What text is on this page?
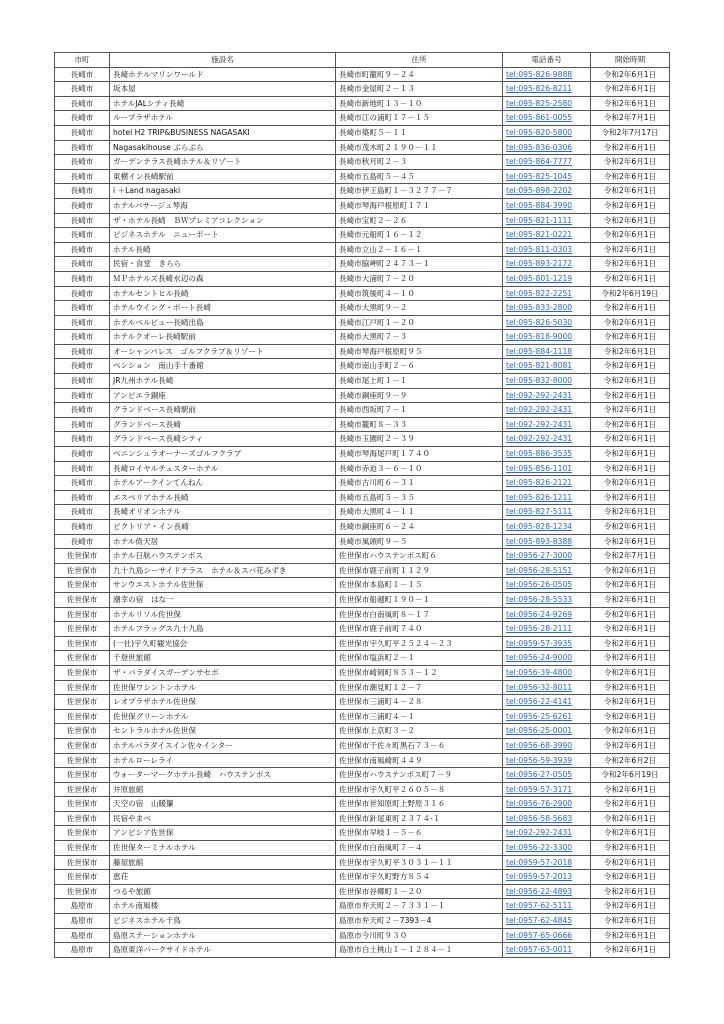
市町	施設名	住所	電話番号	開始時期
長崎市	長崎ホテルマリンワールド	長崎市町籠町９－２４	tel:095-826-9888	令和2年6月1日
長崎市	坂本屋	長崎市金屋町２－１３	tel:095-826-8211	令和2年6月1日
長崎市	ホテルJALシティ長崎	長崎市新地町１３－１０	tel:095-825-2580	令和2年6月1日
長崎市	ループラザホテル	長崎市江の浦町１７－１５	tel:095-861-0055	令和2年7月1日
長崎市	hotel H2 TRIP&BUSINESS NAGASAKI	長崎市築町５－１１	tel:095-820-5800	令和2年7月17日
長崎市	Nagasakihouse ぶらぶら	長崎市茂木町２１９０－１１	tel:095-836-0306	令和2年6月1日
長崎市	ガーデンテラス長崎ホテル＆リゾート	長崎市秋月町２－３	tel:095-864-7777	令和2年6月1日
長崎市	東横イン長崎駅前	長崎市五島町５－４５	tel:095-825-1045	令和2年6月1日
長崎市	i ＋Land nagasaki	長崎市伊王島町１－３２７７－７	tel:095-898-2202	令和2年6月1日
長崎市	ホテルパサージュ琴海	長崎市琴海戸根原町１７１	tel:095-884-3990	令和2年6月1日
長崎市	ザ・ホテル長崎　ＢＷプレミアコレクション	長崎市宝町２－２６	tel:095-821-1111	令和2年6月1日
長崎市	ビジネスホテル　ニューポート	長崎市元船町１６－１２	tel:095-821-0221	令和2年6月1日
長崎市	ホテル長崎	長崎市立山２－１６－１	tel:095-811-0303	令和2年6月1日
長崎市	民宿・食堂　きらら	長崎市脇岬町２４７３－１	tel:095-893-2172	令和2年6月1日
長崎市	ＭＰホテルズ長崎水辺の森	長崎市大浦町７－２０	tel:095-801-1219	令和2年6月1日
長崎市	ホテルセントヒル長崎	長崎市筑後町４－１０	tel:095-822-2251	令和2年6月19日
長崎市	ホテルウイング・ポート長崎	長崎市大黒町９－２	tel:095-833-2800	令和2年6月1日
長崎市	ホテルベルビュー長崎出島	長崎市江戸町１－２０	tel:095-826-5030	令和2年6月1日
長崎市	ホテルクオーレ長崎駅前	長崎市大黒町７－３	tel:095-818-9000	令和2年6月1日
長崎市	オーシャンパレス　ゴルフクラブ＆リゾート	長崎市琴海戸根原町９５	tel:095-884-1118	令和2年6月1日
長崎市	ペンション　南山手十番館	長崎市南山手町２－６	tel:095-821-8081	令和2年6月1日
長崎市	JR九州ホテル長崎	長崎市尾上町１－１	tel:095-832-8000	令和2年6月1日
長崎市	アンビエラ銅座	長崎市銅座町９－９	tel:092-292-2431	令和2年6月1日
長崎市	グランドベース長崎駅前	長崎市西坂町７－１	tel:092-292-2431	令和2年6月1日
長崎市	グランドベース長崎	長崎市籠町８－３３	tel:092-292-2431	令和2年6月1日
長崎市	グランドベース長崎シティ	長崎市玉園町２－３９	tel:092-292-2431	令和2年6月1日
長崎市	ペニンシュラオーナーズゴルフクラブ	長崎市琴海尾戸町１７４０	tel:095-886-3535	令和2年6月1日
長崎市	長崎ロイヤルチェスターホテル	長崎市赤迫３－６－１０	tel:095-856-1101	令和2年6月1日
長崎市	ホテルアークインてんねん	長崎市古川町６－３１	tel:095-826-2121	令和2年6月1日
長崎市	エスペリアホテル長崎	長崎市五島町５－３５	tel:095-826-1211	令和2年6月1日
長崎市	長崎オリオンホテル	長崎市大黒町４－１１	tel:095-827-5111	令和2年6月1日
長崎市	ビクトリア・イン長崎	長崎市銅座町６－２４	tel:095-828-1234	令和2年6月1日
長崎市	ホテル倚天居	長崎市風頭町９－５	tel:095-893-8388	令和2年6月1日
佐世保市	ホテル日航ハウステンボス	佐世保市ハウステンボス町６	tel:0956-27-3000	令和2年7月1日
佐世保市	九十九島シーサイドテラス　ホテル＆スパ花みずき	佐世保市鹿子前町１１２９	tel:0956-28-5151	令和2年6月1日
佐世保市	サンウエストホテル佐世保	佐世保市本島町１－１５	tel:0956-26-0505	令和2年6月1日
佐世保市	潮幸の宿　はな一	佐世保市船越町１９０－１	tel:0956-28-5533	令和2年6月1日
佐世保市	ホテルリソル佐世保	佐世保市白南風町８－１７	tel:0956-24-9269	令和2年6月1日
佐世保市	ホテルフラッグス九十九島	佐世保市鹿子前町７４０	tel:0956-28-2111	令和2年6月1日
佐世保市	(一社)宇久町観光協会	佐世保市宇久町平２５２４－２３	tel:0959-57-3935	令和2年6月1日
佐世保市	千登世旅館	佐世保市塩浜町２－１	tel:0956-24-9000	令和2年6月1日
佐世保市	ザ・パラダイスガーデンサセボ	佐世保市崎岡町８５３－１２	tel:0956-39-4800	令和2年6月1日
佐世保市	佐世保ワシントンホテル	佐世保市潮見町１２－７	tel:0956-32-8011	令和2年6月1日
佐世保市	レオプラザホテル佐世保	佐世保市三浦町４－２８	tel:0956-22-4141	令和2年6月1日
佐世保市	佐世保グリーンホテル	佐世保市三浦町４－１	tel:0956-25-6261	令和2年6月1日
佐世保市	セントラルホテル佐世保	佐世保市上京町３－２	tel:0956-25-0001	令和2年6月1日
佐世保市	ホテルパラダイスイン佐々インター	佐世保市干佐々町黒石７３－６	tel:0956-68-3990	令和2年6月1日
佐世保市	ホテルローレライ	佐世保市南風崎町４４９	tel:0956-59-3939	令和2年6月2日
佐世保市	ウォーターマークホテル長崎　ハウステンボス	佐世保市ハウステンボス町７－９	tel:0956-27-0505	令和2年6月19日
佐世保市	井原旅館	佐世保市宇久町平２６０５－８	tel:0959-57-3171	令和2年6月1日
佐世保市	天空の宿　山暖簾	佐世保市世知原町上野原３１６	tel:0956-76-2900	令和2年6月1日
佐世保市	民宿やまべ	佐世保市針尾東町２３７４-１	tel:0956-58-5683	令和2年6月1日
佐世保市	アンビシア佐世保	佐世保市早岐１－５－６	tel:092-292-2431	令和2年6月1日
佐世保市	佐世保ターミナルホテル	佐世保市白南風町７－４	tel:0956-22-3300	令和2年6月1日
佐世保市	藤屋旅館	佐世保市宇久町平３０３１－１１	tel:0959-57-2018	令和2年6月1日
佐世保市	恵荘	佐世保市宇久町野方８５４	tel:0959-57-2013	令和2年6月1日
佐世保市	つるや旅館	佐世保市谷郷町１－２０	tel:0956-22-4893	令和2年6月1日
島原市	ホテル南風楼	島原市弁天町２－７３３１－１	tel:0957-62-5111	令和2年6月1日
島原市	ビジネスホテル千鳥	島原市弁天町２－7393－4	tel:0957-62-4845	令和2年6月1日
島原市	島原ステーションホテル	島原市今川町９３０	tel:0957-65-0666	令和2年6月1日
島原市	島原東洋パークサイドホテル	島原市白土桃山１－１２８４－１	tel:0957-63-0011	令和2年6月1日
